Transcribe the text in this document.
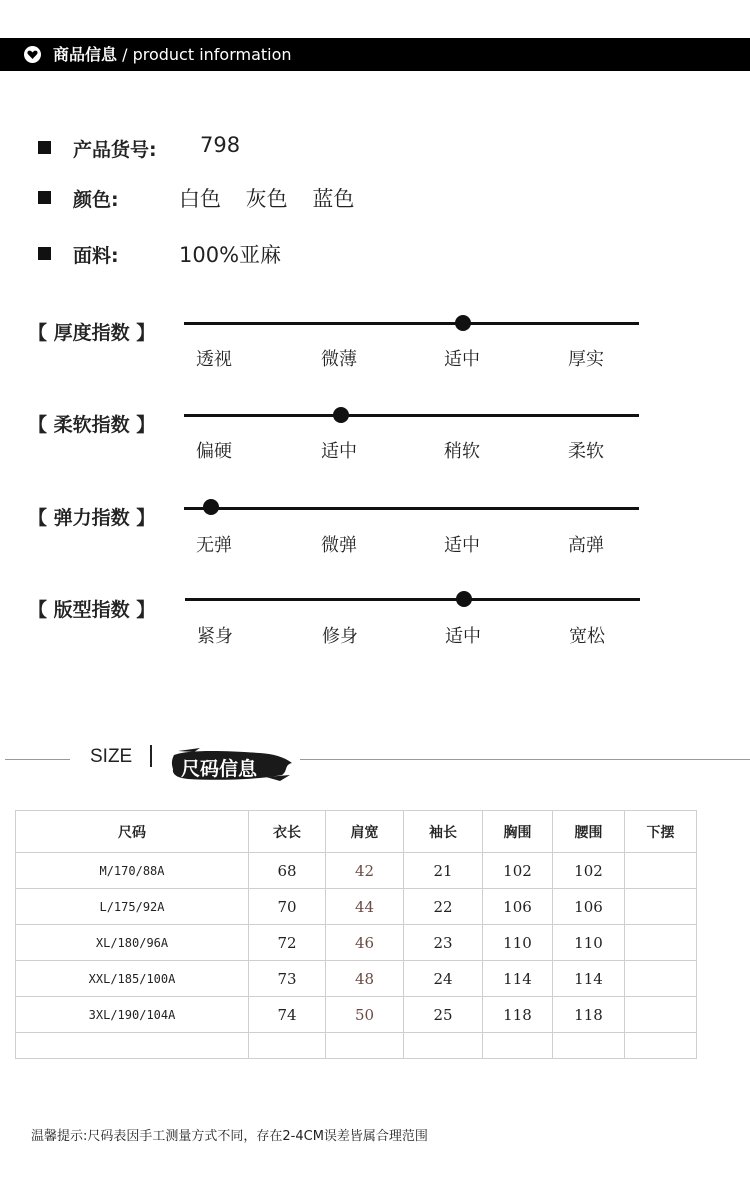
商品信息 / product information
产品货号: 798
颜色:	白色 灰色 蓝色
面料:	100%亚麻
【 厚度指数 】
透视	微薄	适中	厚实
【 柔软指数 】
偏硬	适中	稍软	柔软
【 弹力指数 】
无弹	微弹	适中	高弹
【 版型指数 】
紧身	修身	适中	宽松
SIZE
尺码信息
尺码	衣长	肩宽	袖长	胸围	腰围	下摆
M/170/88A	68	42	21	102	102	
L/175/92A	70	44	22	106	106	
XL/180/96A	72	46	23	110	110	
XXL/185/100A	73	48	24	114	114	
3XL/190/104A	74	50	25	118	118	

温馨提示:尺码表因手工测量方式不同，存在2-4CM误差皆属合理范围
